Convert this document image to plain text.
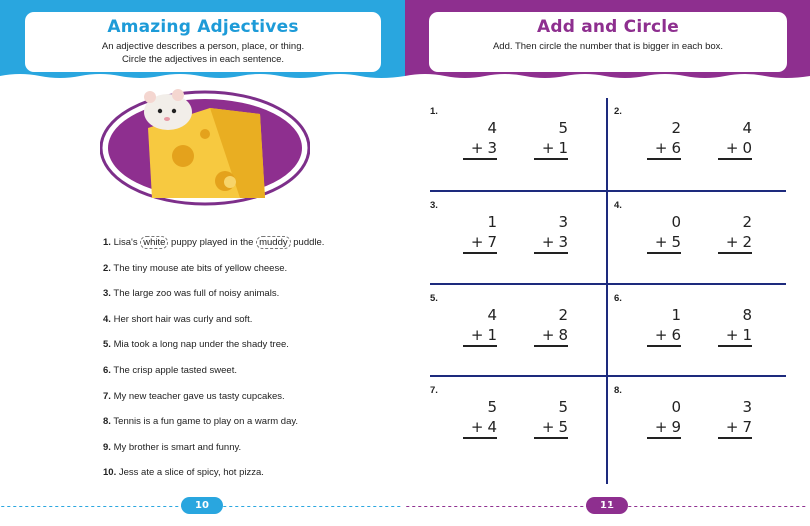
Amazing Adjectives
An adjective describes a person, place, or thing.
Circle the adjectives in each sentence.
1. Lisa's white puppy played in the muddy puddle.
2. The tiny mouse ate bits of yellow cheese.
3. The large zoo was full of noisy animals.
4. Her short hair was curly and soft.
5. Mia took a long nap under the shady tree.
6. The crisp apple tasted sweet.
7. My new teacher gave us tasty cupcakes.
8. Tennis is a fun game to play on a warm day.
9. My brother is smart and funny.
10. Jess ate a slice of spicy, hot pizza.
10
Add and Circle
Add. Then circle the number that is bigger in each box.
11
1.
4
+ 3
5
+ 1
2.
2
+ 6
4
+ 0
3.
1
+ 7
3
+ 3
4.
0
+ 5
2
+ 2
5.
4
+ 1
2
+ 8
6.
1
+ 6
8
+ 1
7.
5
+ 4
5
+ 5
8.
0
+ 9
3
+ 7
